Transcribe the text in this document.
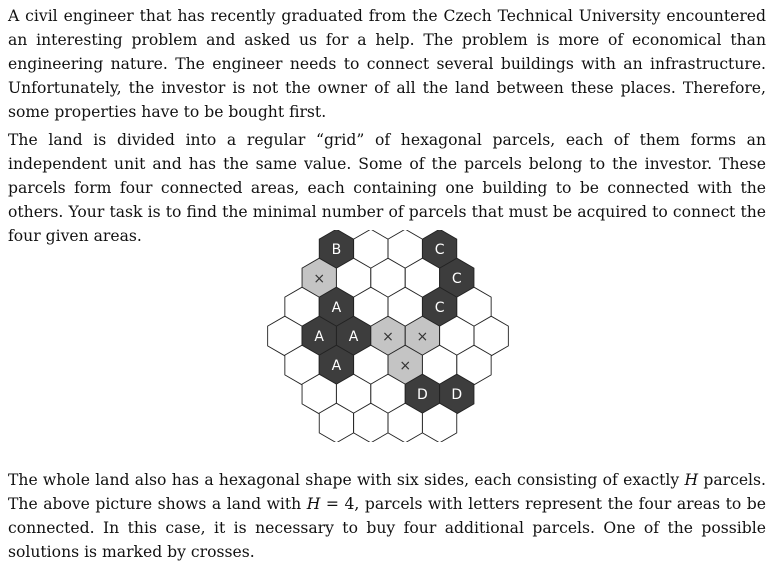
A civil engineer that has recently graduated from the Czech Technical University encountered an interesting problem and asked us for a help. The problem is more of economical than engineering nature. The engineer needs to connect several buildings with an infrastructure. Unfortunately, the investor is not the owner of all the land between these places. Therefore, some properties have to be bought first.

The land is divided into a regular “grid” of hexagonal parcels, each of them forms an independent unit and has the same value. Some of the parcels belong to the investor. These parcels form four connected areas, each containing one building to be connected with the others. Your task is to find the minimal number of parcels that must be acquired to connect the four given areas.

B	C
×	C
A	C
A A × ×
A	×
D D

The whole land also has a hexagonal shape with six sides, each consisting of exactly H parcels. The above picture shows a land with H = 4, parcels with letters represent the four areas to be connected. In this case, it is necessary to buy four additional parcels. One of the possible solutions is marked by crosses.
